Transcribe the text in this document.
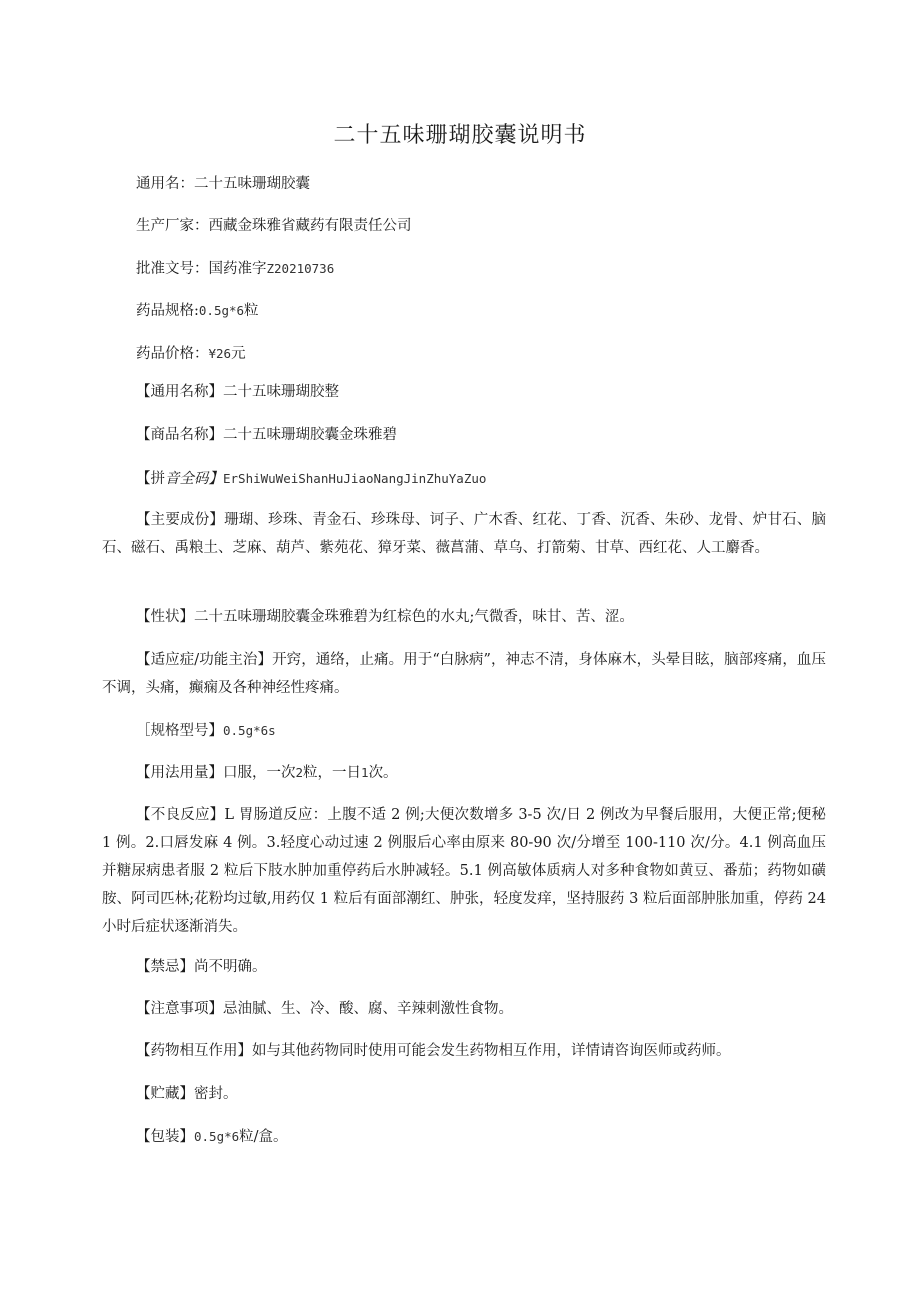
二十五味珊瑚胶囊说明书
通用名：二十五味珊瑚胶囊
生产厂家：西藏金珠雅省藏药有限责任公司
批准文号：国药准字Z20210736
药品规格:0.5g*6粒
药品价格：¥26元
【通用名称】二十五味珊瑚胶整
【商品名称】二十五味珊瑚胶囊金珠雅碧
【拼音全码】ErShiWuWeiShanHuJiaoNangJinZhuYaZuo
【主要成份】珊瑚、珍珠、青金石、珍珠母、诃子、广木香、红花、丁香、沉香、朱砂、龙骨、炉甘石、脑石、磁石、禹粮土、芝麻、葫芦、紫苑花、獐牙菜、薇菖蒲、草乌、打箭菊、甘草、西红花、人工麝香。
【性状】二十五味珊瑚胶囊金珠雅碧为红棕色的水丸;气微香，味甘、苦、涩。
【适应症/功能主治】开窍，通络，止痛。用于“白脉病”，神志不清，身体麻木，头晕目眩，脑部疼痛，血压不调，头痛，癫痫及各种神经性疼痛。
［规格型号】0.5g*6s
【用法用量】口服，一次2粒，一日1次。
【不良反应】L 胃肠道反应：上腹不适 2 例;大便次数增多 3-5 次/日 2 例改为早餐后服用，大便正常;便秘 1 例。2.口唇发麻 4 例。3.轻度心动过速 2 例服后心率由原来 80-90 次/分增至 100-110 次/分。4.1 例高血压并糖尿病患者服 2 粒后下肢水肿加重停药后水肿减轻。5.1 例高敏体质病人对多种食物如黄豆、番茄；药物如磺胺、阿司匹林;花粉均过敏,用药仅 1 粒后有面部潮红、肿张，轻度发痒，坚持服药 3 粒后面部肿胀加重，停药 24 小时后症状逐渐消失。
【禁忌】尚不明确。
【注意事项】忌油腻、生、冷、酸、腐、辛辣刺激性食物。
【药物相互作用】如与其他药物同时使用可能会发生药物相互作用，详情请咨询医师或药师。
【贮藏】密封。
【包装】0.5g*6粒/盒。
